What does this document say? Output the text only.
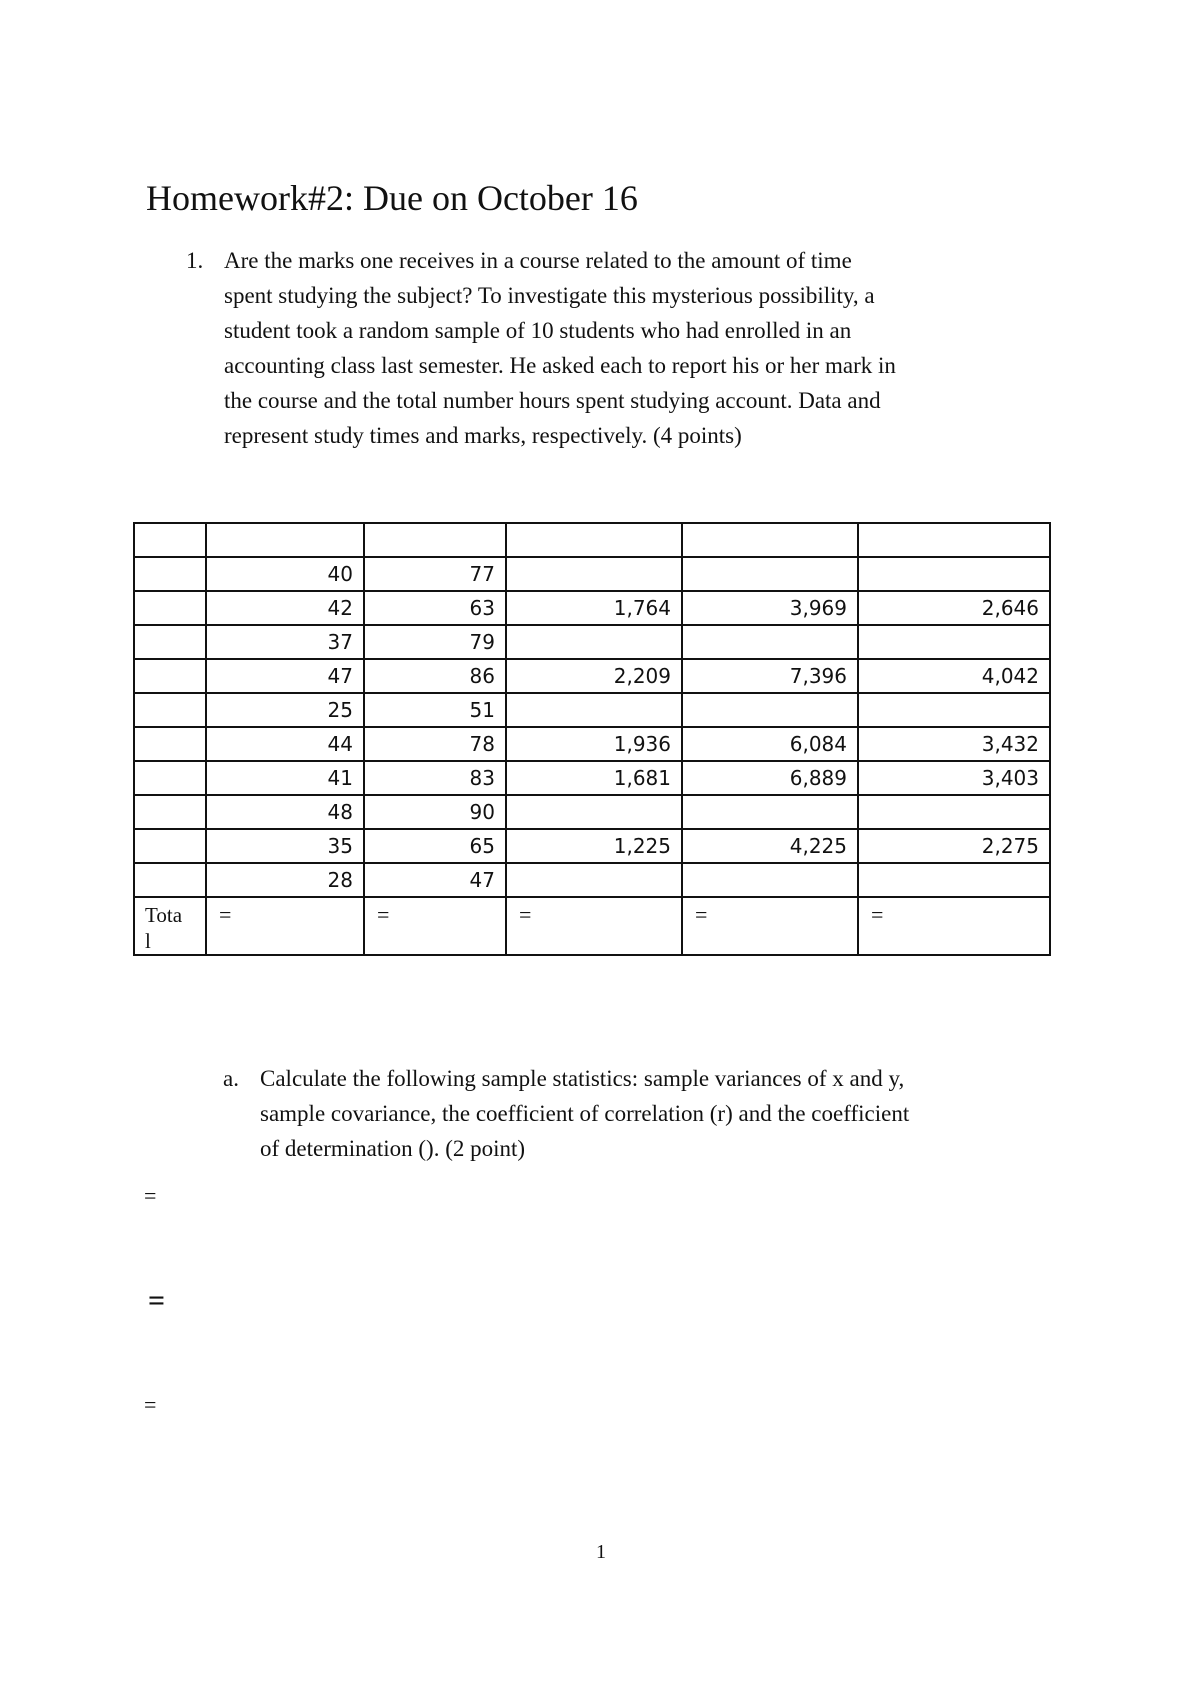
Homework#2: Due on October 16
1. Are the marks one receives in a course related to the amount of time
spent studying the subject? To investigate this mysterious possibility, a
student took a random sample of 10 students who had enrolled in an
accounting class last semester. He asked each to report his or her mark in
the course and the total number hours spent studying account. Data and
represent study times and marks, respectively. (4 points)

	40	77			
	42	63	1,764	3,969	2,646
	37	79			
	47	86	2,209	7,396	4,042
	25	51			
	44	78	1,936	6,084	3,432
	41	83	1,681	6,889	3,403
	48	90			
	35	65	1,225	4,225	2,275
	28	47			
Tota
l	=	=	=	=	=
a. Calculate the following sample statistics: sample variances of x and y,
sample covariance, the coefficient of correlation (r) and the coefficient
of determination (). (2 point)
=
=
=
1
